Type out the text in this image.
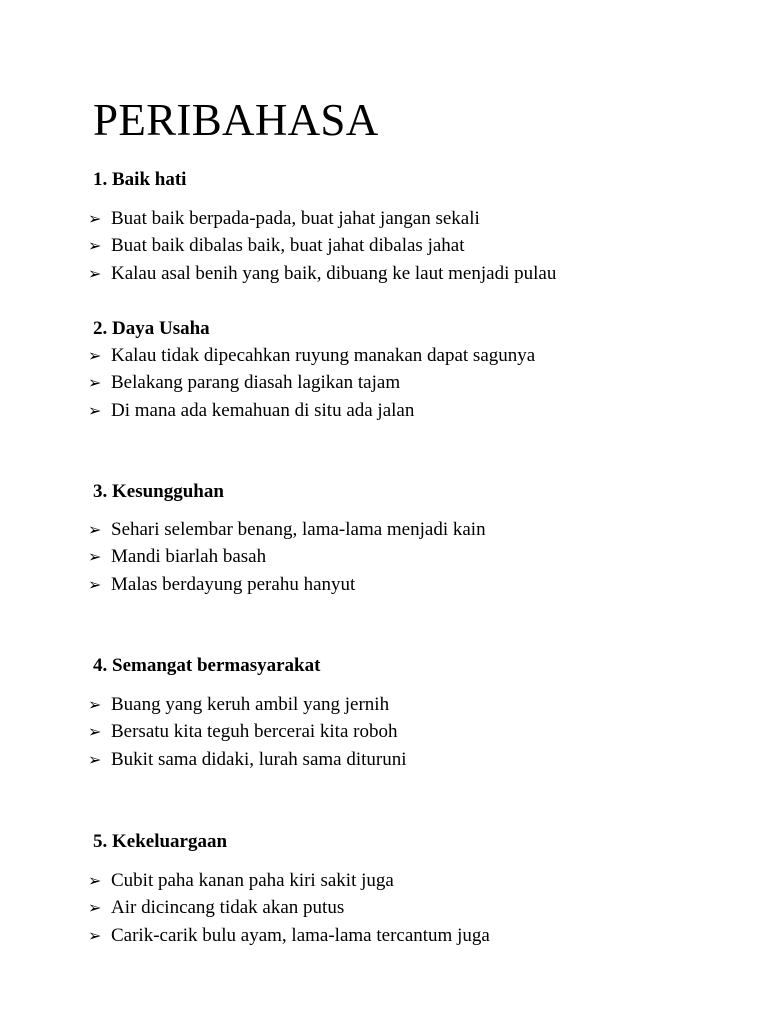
PERIBAHASA
1. Baik hati
➢ Buat baik berpada-pada, buat jahat jangan sekali
➢ Buat baik dibalas baik, buat jahat dibalas jahat
➢ Kalau asal benih yang baik, dibuang ke laut menjadi pulau
2. Daya Usaha
➢ Kalau tidak dipecahkan ruyung manakan dapat sagunya
➢ Belakang parang diasah lagikan tajam
➢ Di mana ada kemahuan di situ ada jalan
3. Kesungguhan
➢ Sehari selembar benang, lama-lama menjadi kain
➢ Mandi biarlah basah
➢ Malas berdayung perahu hanyut
4. Semangat bermasyarakat
➢ Buang yang keruh ambil yang jernih
➢ Bersatu kita teguh bercerai kita roboh
➢ Bukit sama didaki, lurah sama dituruni
5. Kekeluargaan
➢ Cubit paha kanan paha kiri sakit juga
➢ Air dicincang tidak akan putus
➢ Carik-carik bulu ayam, lama-lama tercantum juga
